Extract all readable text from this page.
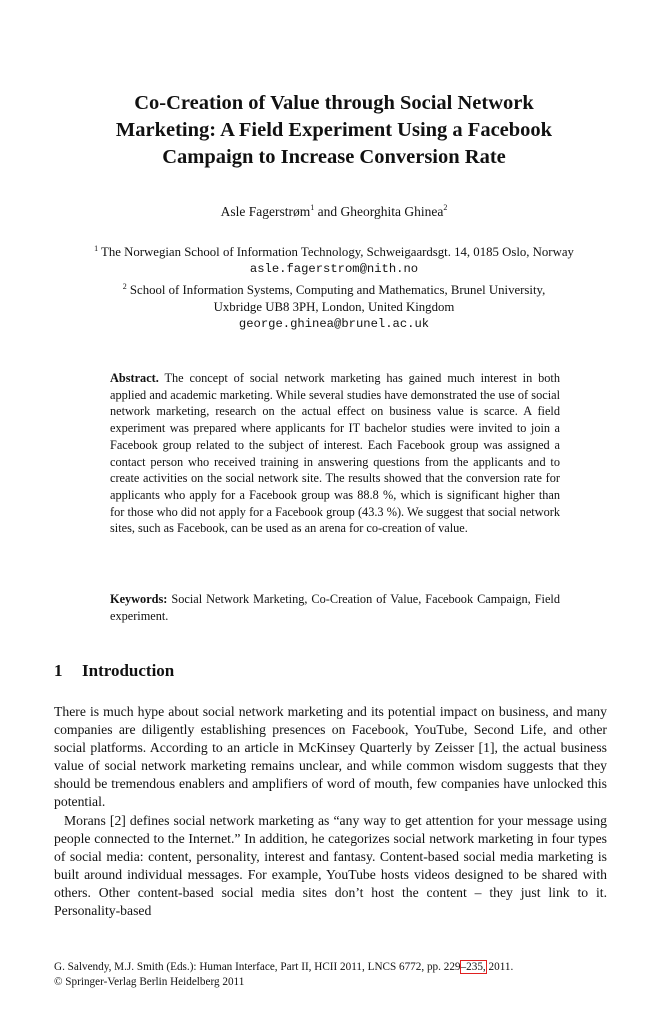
Co-Creation of Value through Social Network
Marketing: A Field Experiment Using a Facebook
Campaign to Increase Conversion Rate
Asle Fagerstrøm$^1$ and Gheorghita Ghinea$^2$
$^1$ The Norwegian School of Information Technology, Schweigaardsgt. 14, 0185 Oslo, Norway
asle.fagerstrom@nith.no
$^2$ School of Information Systems, Computing and Mathematics, Brunel University,
Uxbridge UB8 3PH, London, United Kingdom
george.ghinea@brunel.ac.uk

Abstract. The concept of social network marketing has gained much interest in both applied and academic marketing. While several studies have demonstrated the use of social network marketing, research on the actual effect on business value is scarce. A field experiment was prepared where applicants for IT bachelor studies were invited to join a Facebook group related to the subject of interest. Each Facebook group was assigned a contact person who received training in answering questions from the applicants and to create activities on the social network site. The results showed that the conversion rate for applicants who apply for a Facebook group was 88.8 %, which is significant higher than for those who did not apply for a Facebook group (43.3 %). We suggest that social network sites, such as Facebook, can be used as an arena for co-creation of value.

Keywords: Social Network Marketing, Co-Creation of Value, Facebook Campaign, Field experiment.

1 Introduction

There is much hype about social network marketing and its potential impact on business, and many companies are diligently establishing presences on Facebook, YouTube, Second Life, and other social platforms. According to an article in McKinsey Quarterly by Zeisser [1], the actual business value of social network marketing remains unclear, and while common wisdom suggests that they should be tremendous enablers and amplifiers of word of mouth, few companies have unlocked this potential.

Morans [2] defines social network marketing as “any way to get attention for your message using people connected to the Internet.” In addition, he categorizes social network marketing in four types of social media: content, personality, interest and fantasy. Content-based social media marketing is built around individual messages. For example, YouTube hosts videos designed to be shared with others. Other content-based social media sites don’t host the content – they just link to it. Personality-based

G. Salvendy, M.J. Smith (Eds.): Human Interface, Part II, HCII 2011, LNCS 6772, pp. 229–235, 2011.
© Springer-Verlag Berlin Heidelberg 2011
